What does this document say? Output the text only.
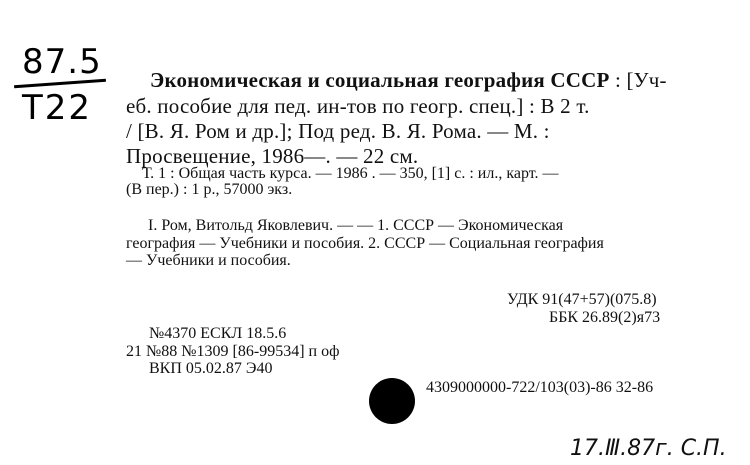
87.5
Т22
Экономическая и социальная география СССР : [Уч-
еб. пособие для пед. ин-тов по геогр. спец.] : В 2 т.
/ [В. Я. Ром и др.]; Под ред. В. Я. Рома. — М. :
Просвещение, 1986—. — 22 см.
Т. 1 : Общая часть курса. — 1986 . — 350, [1] с. : ил., карт. —
(В пер.) : 1 р., 57000 экз.
I. Ром, Витольд Яковлевич. — — 1. СССР — Экономическая
география — Учебники и пособия. 2. СССР — Социальная география
— Учебники и пособия.
УДК 91(47+57)(075.8)
ББК 26.89(2)я73
№4370 ЕСКЛ 18.5.6
21 №88 №1309 [86-99534] п оф
ВКП 05.02.87 Э40
4309000000-722/103(03)-86 32-86
17.Ⅲ.87г. С.П.
